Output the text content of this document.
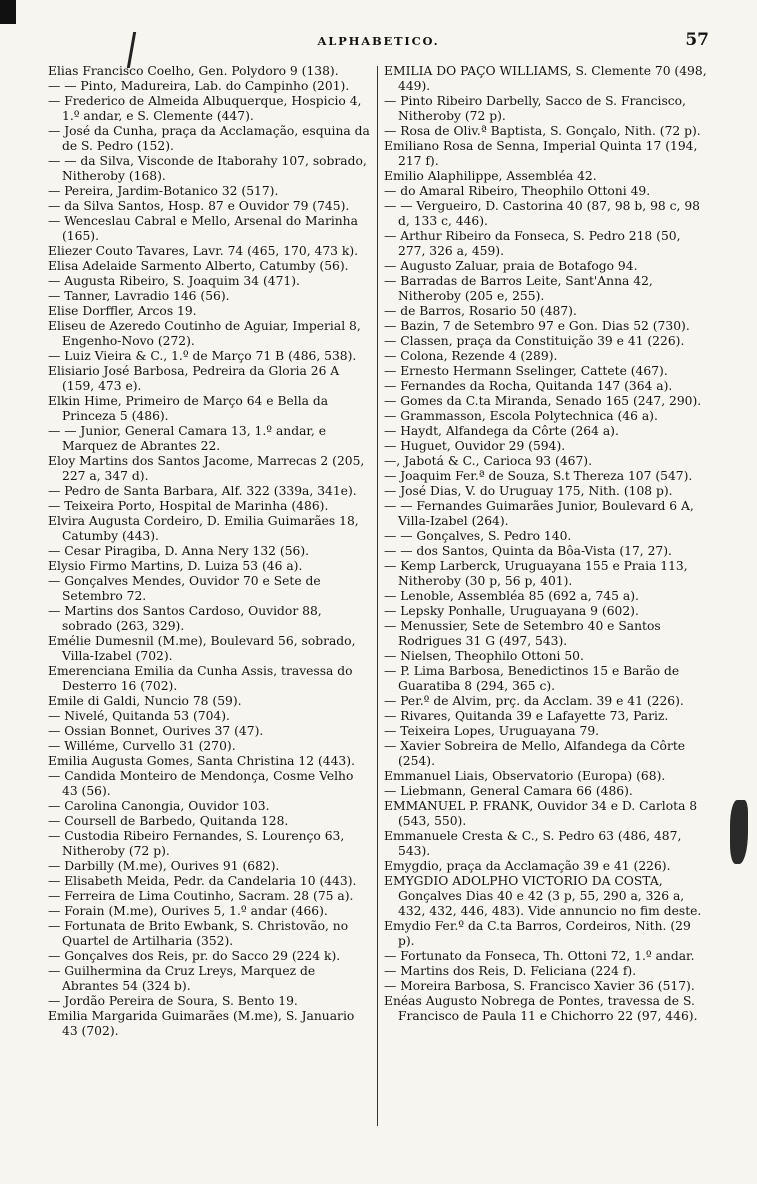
ALPHABETICO.	57

Elias Francisco Coelho, Gen. Polydoro 9 (138).

— — Pinto, Madureira, Lab. do Campinho (201).

— Frederico de Almeida Albuquerque, Hospicio 4, 1.º andar, e S. Clemente (447).

— José da Cunha, praça da Acclamação, esquina da de S. Pedro (152).

— — da Silva, Visconde de Itaborahy 107, sobrado, Nitheroby (168).

— Pereira, Jardim-Botanico 32 (517).

— da Silva Santos, Hosp. 87 e Ouvidor 79 (745).

— Wenceslau Cabral e Mello, Arsenal do Marinha (165).

Eliezer Couto Tavares, Lavr. 74 (465, 170, 473 k).

Elisa Adelaide Sarmento Alberto, Catumby (56).

— Augusta Ribeiro, S. Joaquim 34 (471).

— Tanner, Lavradio 146 (56).

Elise Dorffler, Arcos 19.

Eliseu de Azeredo Coutinho de Aguiar, Imperial 8, Engenho-Novo (272).

— Luiz Vieira & C., 1.º de Março 71 B (486, 538).

Elisiario José Barbosa, Pedreira da Gloria 26 A (159, 473 e).

Elkin Hime, Primeiro de Março 64 e Bella da Princeza 5 (486).

— — Junior, General Camara 13, 1.º andar, e Marquez de Abrantes 22.

Eloy Martins dos Santos Jacome, Marrecas 2 (205, 227 a, 347 d).

— Pedro de Santa Barbara, Alf. 322 (339a, 341e).

— Teixeira Porto, Hospital de Marinha (486).

Elvira Augusta Cordeiro, D. Emilia Guimarães 18, Catumby (443).

— Cesar Piragiba, D. Anna Nery 132 (56).

Elysio Firmo Martins, D. Luiza 53 (46 a).

— Gonçalves Mendes, Ouvidor 70 e Sete de Setembro 72.

— Martins dos Santos Cardoso, Ouvidor 88, sobrado (263, 329).

Emélie Dumesnil (M.me), Boulevard 56, sobrado, Villa-Izabel (702).

Emerenciana Emilia da Cunha Assis, travessa do Desterro 16 (702).

Emile di Galdi, Nuncio 78 (59).

— Nivelé, Quitanda 53 (704).

— Ossian Bonnet, Ourives 37 (47).

— Willéme, Curvello 31 (270).

Emilia Augusta Gomes, Santa Christina 12 (443).

— Candida Monteiro de Mendonça, Cosme Velho 43 (56).

— Carolina Canongia, Ouvidor 103.

— Coursell de Barbedo, Quitanda 128.

— Custodia Ribeiro Fernandes, S. Lourenço 63, Nitheroby (72 p).

— Darbilly (M.me), Ourives 91 (682).

— Elisabeth Meida, Pedr. da Candelaria 10 (443).

— Ferreira de Lima Coutinho, Sacram. 28 (75 a).

— Forain (M.me), Ourives 5, 1.º andar (466).

— Fortunata de Brito Ewbank, S. Christovão, no Quartel de Artilharia (352).

— Gonçalves dos Reis, pr. do Sacco 29 (224 k).

— Guilhermina da Cruz Lreys, Marquez de Abrantes 54 (324 b).

— Jordão Pereira de Soura, S. Bento 19.

Emilia Margarida Guimarães (M.me), S. Januario 43 (702).

EMILIA DO PAÇO WILLIAMS, S. Clemente 70 (498, 449).

— Pinto Ribeiro Darbelly, Sacco de S. Francisco, Nitheroby (72 p).

— Rosa de Oliv.ª Baptista, S. Gonçalo, Nith. (72 p).

Emiliano Rosa de Senna, Imperial Quinta 17 (194, 217 f).

Emilio Alaphilippe, Assembléa 42.

— do Amaral Ribeiro, Theophilo Ottoni 49.

— — Vergueiro, D. Castorina 40 (87, 98 b, 98 c, 98 d, 133 c, 446).

— Arthur Ribeiro da Fonseca, S. Pedro 218 (50, 277, 326 a, 459).

— Augusto Zaluar, praia de Botafogo 94.

— Barradas de Barros Leite, Sant'Anna 42, Nitheroby (205 e, 255).

— de Barros, Rosario 50 (487).

— Bazin, 7 de Setembro 97 e Gon. Dias 52 (730).

— Classen, praça da Constituição 39 e 41 (226).

— Colona, Rezende 4 (289).

— Ernesto Hermann Sselinger, Cattete (467).

— Fernandes da Rocha, Quitanda 147 (364 a).

— Gomes da C.ta Miranda, Senado 165 (247, 290).

— Grammasson, Escola Polytechnica (46 a).

— Haydt, Alfandega da Côrte (264 a).

— Huguet, Ouvidor 29 (594).

—, Jabotá & C., Carioca 93 (467).

— Joaquim Fer.ª de Souza, S.t Thereza 107 (547).

— José Dias, V. do Uruguay 175, Nith. (108 p).

— — Fernandes Guimarães Junior, Boulevard 6 A, Villa-Izabel (264).

— — Gonçalves, S. Pedro 140.

— — dos Santos, Quinta da Bôa-Vista (17, 27).

— Kemp Larberck, Uruguayana 155 e Praia 113, Nitheroby (30 p, 56 p, 401).

— Lenoble, Assembléa 85 (692 a, 745 a).

— Lepsky Ponhalle, Uruguayana 9 (602).

— Menussier, Sete de Setembro 40 e Santos Rodrigues 31 G (497, 543).

— Nielsen, Theophilo Ottoni 50.

— P. Lima Barbosa, Benedictinos 15 e Barão de Guaratiba 8 (294, 365 c).

— Per.º de Alvim, prç. da Acclam. 39 e 41 (226).

— Rivares, Quitanda 39 e Lafayette 73, Pariz.

— Teixeira Lopes, Uruguayana 79.

— Xavier Sobreira de Mello, Alfandega da Côrte (254).

Emmanuel Liais, Observatorio (Europa) (68).

— Liebmann, General Camara 66 (486).

EMMANUEL P. FRANK, Ouvidor 34 e D. Carlota 8 (543, 550).

Emmanuele Cresta & C., S. Pedro 63 (486, 487, 543).

Emygdio, praça da Acclamação 39 e 41 (226).

EMYGDIO ADOLPHO VICTORIO DA COSTA, Gonçalves Dias 40 e 42 (3 p, 55, 290 a, 326 a, 432, 432, 446, 483). Vide annuncio no fim deste.

Emydio Fer.º da C.ta Barros, Cordeiros, Nith. (29 p).

— Fortunato da Fonseca, Th. Ottoni 72, 1.º andar.

— Martins dos Reis, D. Feliciana (224 f).

— Moreira Barbosa, S. Francisco Xavier 36 (517).

Enéas Augusto Nobrega de Pontes, travessa de S. Francisco de Paula 11 e Chichorro 22 (97, 446).
